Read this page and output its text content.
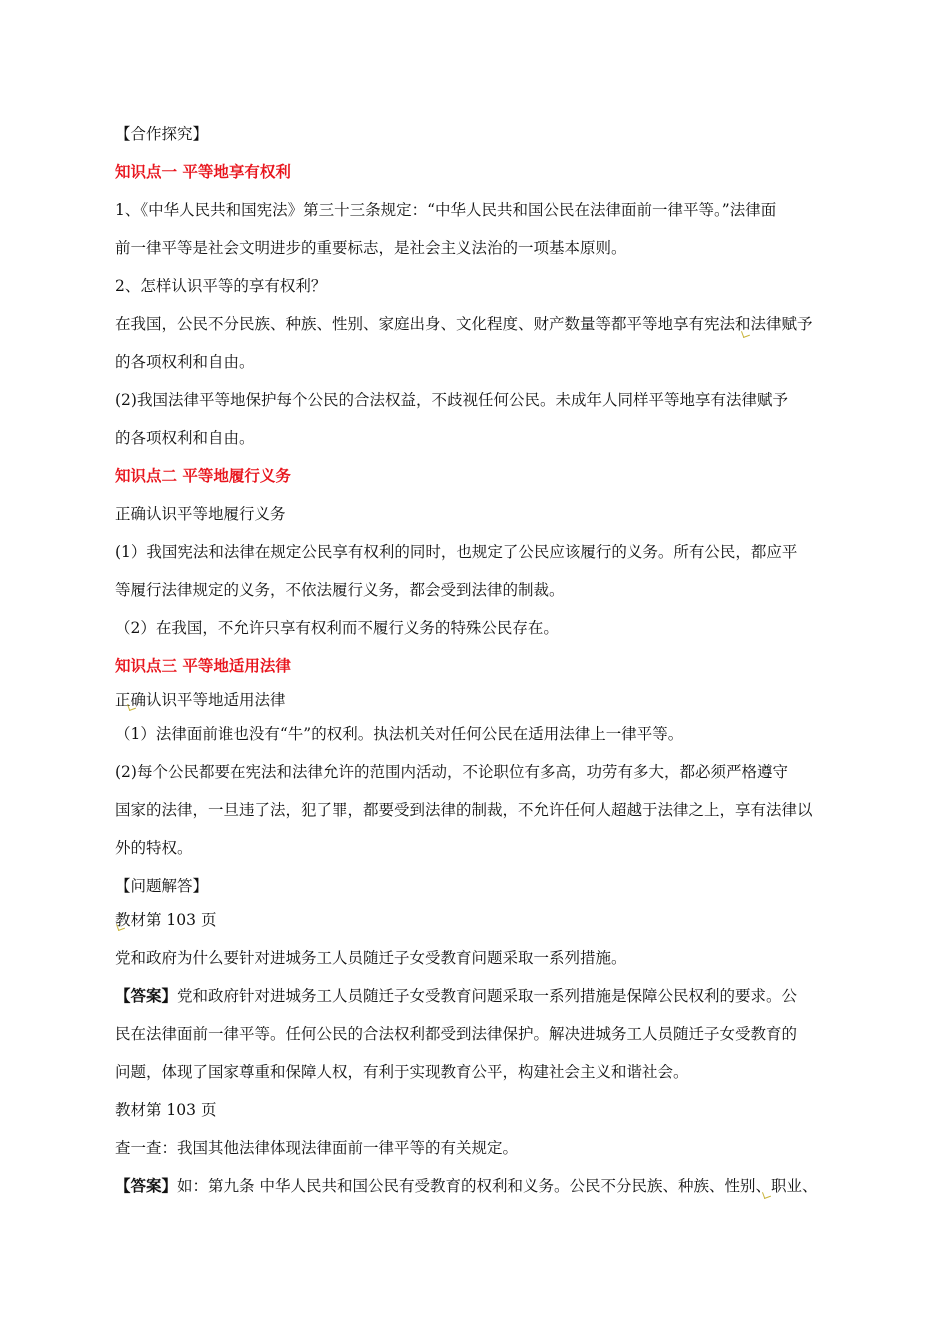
【合作探究】
知识点一 平等地享有权利
1、《中华人民共和国宪法》第三十三条规定：“中华人民共和国公民在法律面前一律平等。”法律面
前一律平等是社会文明进步的重要标志，是社会主义法治的一项基本原则。
2、怎样认识平等的享有权利？
在我国，公民不分民族、种族、性别、家庭出身、文化程度、财产数量等都平等地享有宪法和法律赋予
的各项权利和自由。
(2)我国法律平等地保护每个公民的合法权益，不歧视任何公民。未成年人同样平等地享有法律赋予
的各项权利和自由。
知识点二 平等地履行义务
正确认识平等地履行义务
(1）我国宪法和法律在规定公民享有权利的同时，也规定了公民应该履行的义务。所有公民，都应平
等履行法律规定的义务，不依法履行义务，都会受到法律的制裁。
（2）在我国，不允许只享有权利而不履行义务的特殊公民存在。
知识点三 平等地适用法律
正确认识平等地适用法律
（1）法律面前谁也没有“牛”的权利。执法机关对任何公民在适用法律上一律平等。
(2)每个公民都要在宪法和法律允许的范围内活动，不论职位有多高，功劳有多大，都必须严格遵守
国家的法律，一旦违了法，犯了罪，都要受到法律的制裁，不允许任何人超越于法律之上，享有法律以
外的特权。
【问题解答】
教材第 103 页
党和政府为什么要针对进城务工人员随迁子女受教育问题采取一系列措施。
【答案】党和政府针对进城务工人员随迁子女受教育问题采取一系列措施是保障公民权利的要求。公
民在法律面前一律平等。任何公民的合法权利都受到法律保护。解决进城务工人员随迁子女受教育的
问题，体现了国家尊重和保障人权，有利于实现教育公平，构建社会主义和谐社会。
教材第 103 页
查一查：我国其他法律体现法律面前一律平等的有关规定。
【答案】如：第九条 中华人民共和国公民有受教育的权利和义务。公民不分民族、种族、性别、职业、
